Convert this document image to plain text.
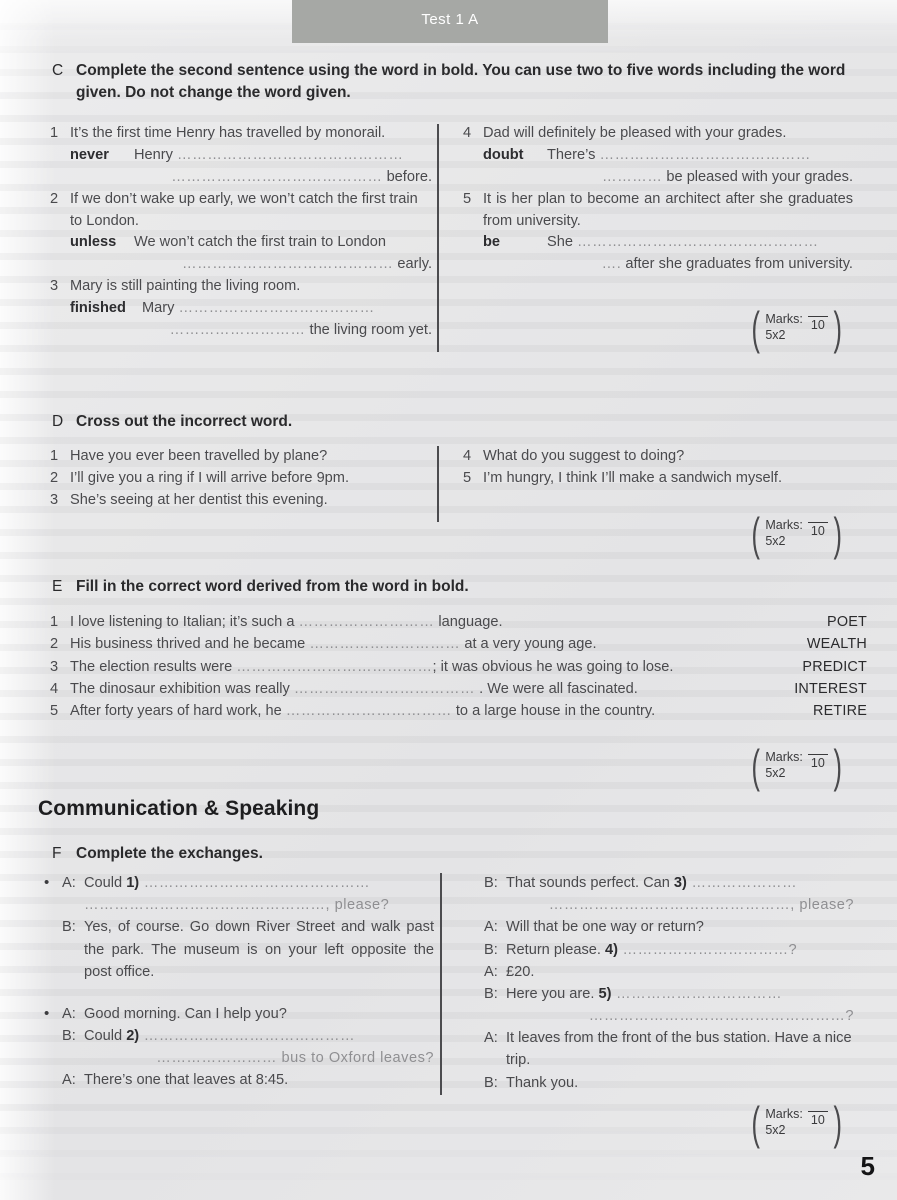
Test 1 A
C Complete the second sentence using the word in bold. You can use two to five words including the word
given. Do not change the word given.
1 It’s the first time Henry has travelled by monorail.
never Henry ………………………………………
…………………………………… before.
2 If we don’t wake up early, we won’t catch the first train to London.
unless We won’t catch the first train to London
…………………………………… early.
3 Mary is still painting the living room.
finished Mary …………………………………
……………………… the living room yet.
4 Dad will definitely be pleased with your grades.
doubt There’s ……………………………………
………… be pleased with your grades.
5 It is her plan to become an architect after she graduates from university.
be	She …………………………………………
…. after she graduates from university.
( Marks:
5x2
10 )
D Cross out the incorrect word.
1 Have you ever been travelled by plane?
2 I’ll give you a ring if I will arrive before 9pm.
3 She’s seeing at her dentist this evening.
4 What do you suggest to doing?
5 I’m hungry, I think I’ll make a sandwich myself.
( Marks:
5x2
10 )
E Fill in the correct word derived from the word in bold.
1 I love listening to Italian; it’s such a ……………………… language.
2 His business thrived and he became ………………………… at a very young age.
3 The election results were …………………………………; it was obvious he was going to lose.
4 The dinosaur exhibition was really ……………………………… . We were all fascinated.
5 After forty years of hard work, he …………………………… to a large house in the country.
POET
WEALTH
PREDICT
INTEREST
RETIRE
( Marks:
5x2
10 )
Communication & Speaking
F Complete the exchanges.
• A: Could 1) ………………………………………
…………………………………………, please?
B: Yes, of course. Go down River Street and walk past the park. The museum is on your left opposite the post office.
• A: Good morning. Can I help you?
B: Could 2) ……………………………………
…………………… bus to Oxford leaves?
A: There’s one that leaves at 8:45.
B: That sounds perfect. Can 3) …………………
…………………………………………, please?
A: Will that be one way or return?
B: Return please. 4) ……………………………?
A: £20.
B: Here you are. 5) ……………………………
……………………………………………?
A: It leaves from the front of the bus station. Have a nice trip.
B: Thank you.
( Marks:
5x2
10 )
5
